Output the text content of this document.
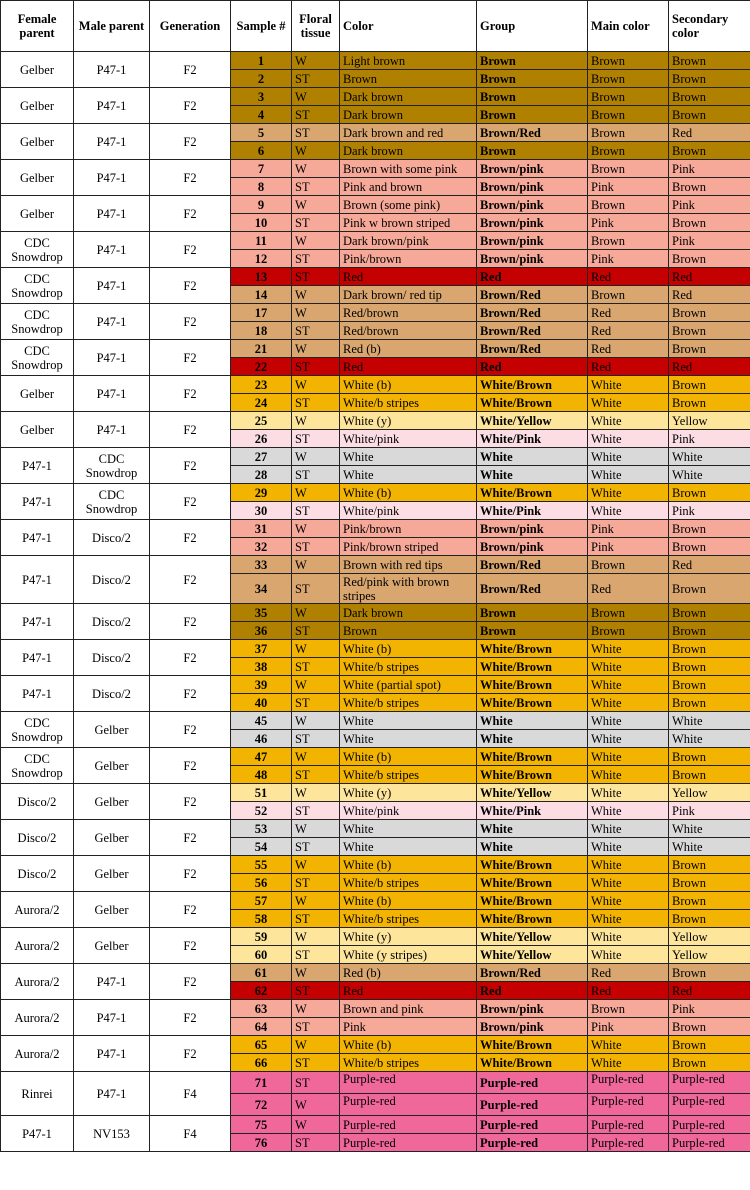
Female parent	Male parent	Generation	Sample #	Floral tissue	Color	Group	Main color	Secondary color
Gelber	P47-1	F2	1	W	Light brown	Brown	Brown	Brown
			2	ST	Brown	Brown	Brown	Brown
Gelber	P47-1	F2	3	W	Dark brown	Brown	Brown	Brown
			4	ST	Dark brown	Brown	Brown	Brown
Gelber	P47-1	F2	5	ST	Dark brown and red	Brown/Red	Brown	Red
			6	W	Dark brown	Brown	Brown	Brown
Gelber	P47-1	F2	7	W	Brown with some pink	Brown/pink	Brown	Pink
			8	ST	Pink and brown	Brown/pink	Pink	Brown
Gelber	P47-1	F2	9	W	Brown (some pink)	Brown/pink	Brown	Pink
			10	ST	Pink w brown striped	Brown/pink	Pink	Brown
CDC Snowdrop	P47-1	F2	11	W	Dark brown/pink	Brown/pink	Brown	Pink
			12	ST	Pink/brown	Brown/pink	Pink	Brown
CDC Snowdrop	P47-1	F2	13	ST	Red	Red	Red	Red
			14	W	Dark brown/ red tip	Brown/Red	Brown	Red
CDC Snowdrop	P47-1	F2	17	W	Red/brown	Brown/Red	Red	Brown
			18	ST	Red/brown	Brown/Red	Red	Brown
CDC Snowdrop	P47-1	F2	21	W	Red (b)	Brown/Red	Red	Brown
			22	ST	Red	Red	Red	Red
Gelber	P47-1	F2	23	W	White (b)	White/Brown	White	Brown
			24	ST	White/b stripes	White/Brown	White	Brown
Gelber	P47-1	F2	25	W	White (y)	White/Yellow	White	Yellow
			26	ST	White/pink	White/Pink	White	Pink
P47-1	CDC Snowdrop	F2	27	W	White	White	White	White
			28	ST	White	White	White	White
P47-1	CDC Snowdrop	F2	29	W	White (b)	White/Brown	White	Brown
			30	ST	White/pink	White/Pink	White	Pink
P47-1	Disco/2	F2	31	W	Pink/brown	Brown/pink	Pink	Brown
			32	ST	Pink/brown striped	Brown/pink	Pink	Brown
P47-1	Disco/2	F2	33	W	Brown with red tips	Brown/Red	Brown	Red
			34	ST	Red/pink with brown stripes	Brown/Red	Red	Brown
P47-1	Disco/2	F2	35	W	Dark brown	Brown	Brown	Brown
			36	ST	Brown	Brown	Brown	Brown
P47-1	Disco/2	F2	37	W	White (b)	White/Brown	White	Brown
			38	ST	White/b stripes	White/Brown	White	Brown
P47-1	Disco/2	F2	39	W	White (partial spot)	White/Brown	White	Brown
			40	ST	White/b stripes	White/Brown	White	Brown
CDC Snowdrop	Gelber	F2	45	W	White	White	White	White
			46	ST	White	White	White	White
CDC Snowdrop	Gelber	F2	47	W	White (b)	White/Brown	White	Brown
			48	ST	White/b stripes	White/Brown	White	Brown
Disco/2	Gelber	F2	51	W	White (y)	White/Yellow	White	Yellow
			52	ST	White/pink	White/Pink	White	Pink
Disco/2	Gelber	F2	53	W	White	White	White	White
			54	ST	White	White	White	White
Disco/2	Gelber	F2	55	W	White (b)	White/Brown	White	Brown
			56	ST	White/b stripes	White/Brown	White	Brown
Aurora/2	Gelber	F2	57	W	White (b)	White/Brown	White	Brown
			58	ST	White/b stripes	White/Brown	White	Brown
Aurora/2	Gelber	F2	59	W	White (y)	White/Yellow	White	Yellow
			60	ST	White (y stripes)	White/Yellow	White	Yellow
Aurora/2	P47-1	F2	61	W	Red (b)	Brown/Red	Red	Brown
			62	ST	Red	Red	Red	Red
Aurora/2	P47-1	F2	63	W	Brown and pink	Brown/pink	Brown	Pink
			64	ST	Pink	Brown/pink	Pink	Brown
Aurora/2	P47-1	F2	65	W	White (b)	White/Brown	White	Brown
			66	ST	White/b stripes	White/Brown	White	Brown
Rinrei	P47-1	F4	71	ST	Purple-red	Purple-red	Purple-red	Purple-red
			72	W	Purple-red	Purple-red	Purple-red	Purple-red
P47-1	NV153	F4	75	W	Purple-red	Purple-red	Purple-red	Purple-red
			76	ST	Purple-red	Purple-red	Purple-red	Purple-red
